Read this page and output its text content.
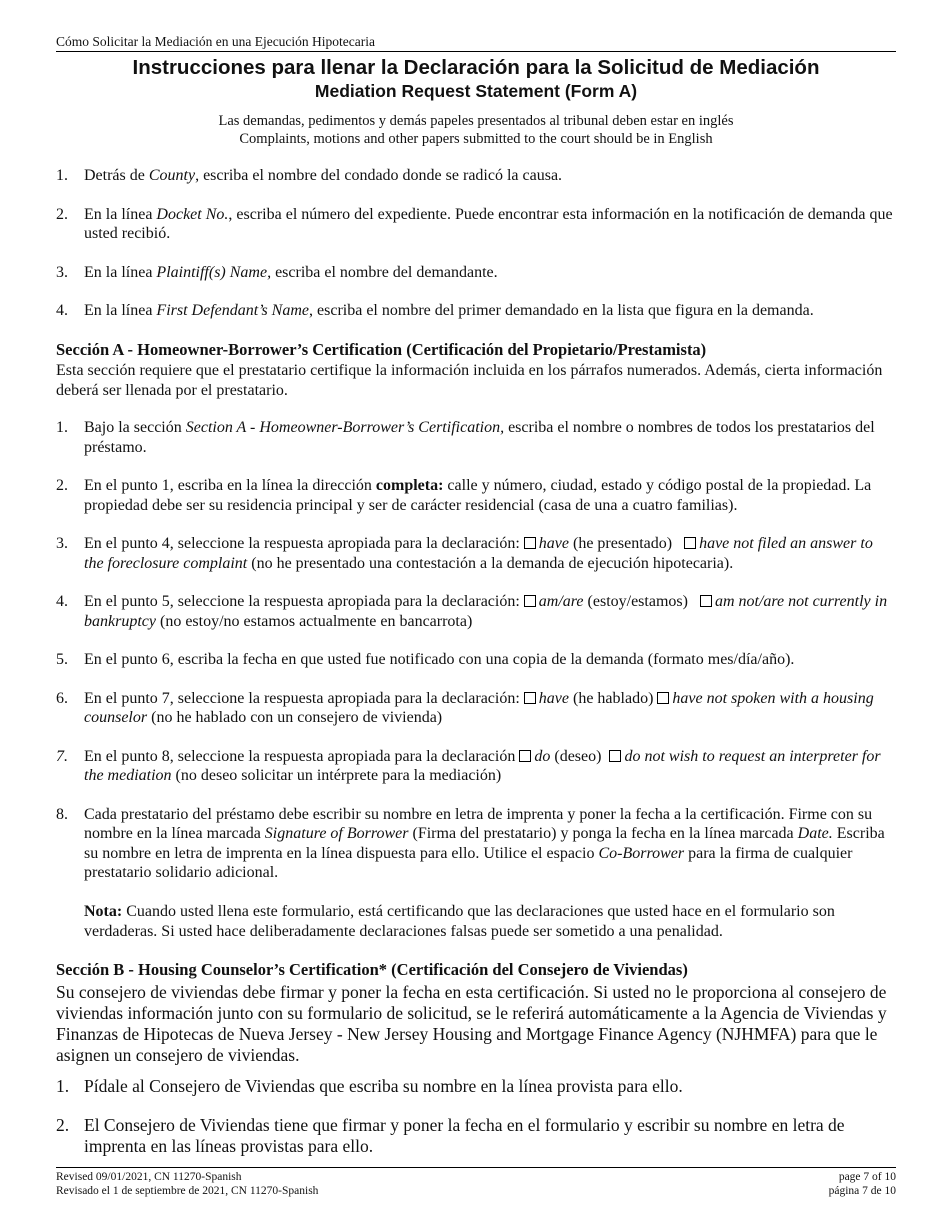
Cómo Solicitar la Mediación en una Ejecución Hipotecaria
Instrucciones para llenar la Declaración para la Solicitud de Mediación
Mediation Request Statement (Form A)
Las demandas, pedimentos y demás papeles presentados al tribunal deben estar en inglés
Complaints, motions and other papers submitted to the court should be in English
1. Detrás de County, escriba el nombre del condado donde se radicó la causa.
2. En la línea Docket No., escriba el número del expediente. Puede encontrar esta información en la notificación de demanda que usted recibió.
3. En la línea Plaintiff(s) Name, escriba el nombre del demandante.
4. En la línea First Defendant’s Name, escriba el nombre del primer demandado en la lista que figura en la demanda.
Sección A - Homeowner-Borrower’s Certification (Certificación del Propietario/Prestamista)
Esta sección requiere que el prestatario certifique la información incluida en los párrafos numerados. Además, cierta información deberá ser llenada por el prestatario.
1. Bajo la sección Section A - Homeowner-Borrower’s Certification, escriba el nombre o nombres de todos los prestatarios del préstamo.
2. En el punto 1, escriba en la línea la dirección completa: calle y número, ciudad, estado y código postal de la propiedad. La propiedad debe ser su residencia principal y ser de carácter residencial (casa de una a cuatro familias).
3. En el punto 4, seleccione la respuesta apropiada para la declaración: have (he presentado)   have not filed an answer to the foreclosure complaint (no he presentado una contestación a la demanda de ejecución hipotecaria).
4. En el punto 5, seleccione la respuesta apropiada para la declaración: am/are (estoy/estamos)   am not/are not currently in bankruptcy (no estoy/no estamos actualmente en bancarrota)
5. En el punto 6, escriba la fecha en que usted fue notificado con una copia de la demanda (formato mes/día/año).
6. En el punto 7, seleccione la respuesta apropiada para la declaración: have (he hablado) have not spoken with a housing counselor (no he hablado con un consejero de vivienda)
7. En el punto 8, seleccione la respuesta apropiada para la declaración do (deseo)  do not wish to request an interpreter for the mediation (no deseo solicitar un intérprete para la mediación)
8. Cada prestatario del préstamo debe escribir su nombre en letra de imprenta y poner la fecha a la certificación. Firme con su nombre en la línea marcada Signature of Borrower (Firma del prestatario) y ponga la fecha en la línea marcada Date. Escriba su nombre en letra de imprenta en la línea dispuesta para ello. Utilice el espacio Co-Borrower para la firma de cualquier prestatario solidario adicional.
Nota: Cuando usted llena este formulario, está certificando que las declaraciones que usted hace en el formulario son verdaderas. Si usted hace deliberadamente declaraciones falsas puede ser sometido a una penalidad.
Sección B - Housing Counselor’s Certification* (Certificación del Consejero de Viviendas)
Su consejero de viviendas debe firmar y poner la fecha en esta certificación. Si usted no le proporciona al consejero de viviendas información junto con su formulario de solicitud, se le referirá automáticamente a la Agencia de Viviendas y Finanzas de Hipotecas de Nueva Jersey - New Jersey Housing and Mortgage Finance Agency (NJHMFA) para que le asignen un consejero de viviendas.
1. Pídale al Consejero de Viviendas que escriba su nombre en la línea provista para ello.
2. El Consejero de Viviendas tiene que firmar y poner la fecha en el formulario y escribir su nombre en letra de imprenta en las líneas provistas para ello.
Revised 09/01/2021, CN 11270-Spanish
Revisado el 1 de septiembre de 2021, CN 11270-Spanish
page 7 of 10
página 7 de 10
